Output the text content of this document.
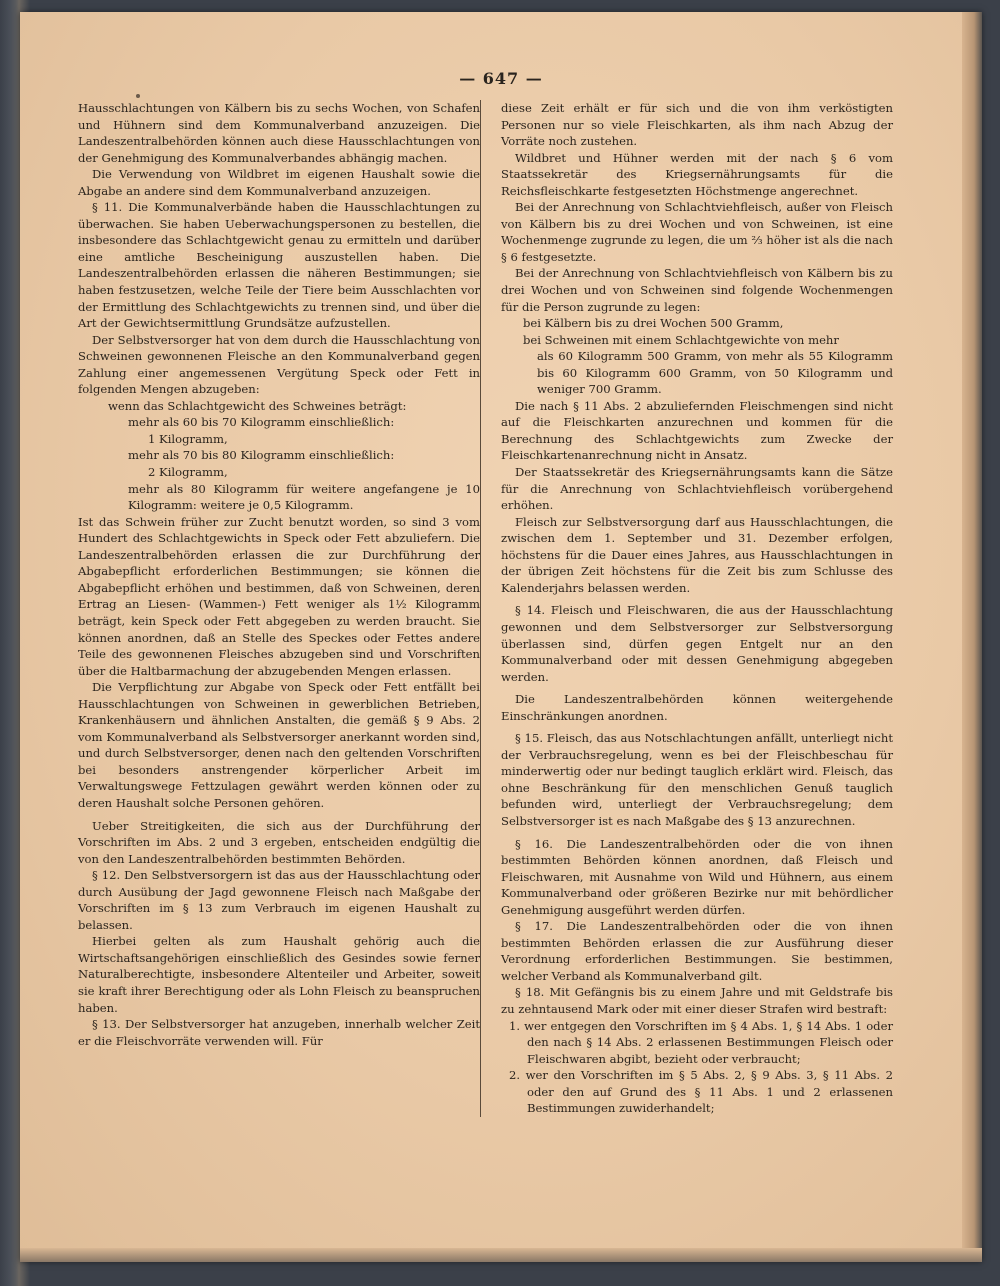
— 647 —

Hausschlachtungen von Kälbern bis zu sechs Wochen, von Schafen und Hühnern sind dem Kommunalverband anzuzeigen. Die Landeszentralbehörden können auch diese Hausschlachtungen von der Genehmigung des Kommunalverbandes abhängig machen.

Die Verwendung von Wildbret im eigenen Haushalt sowie die Abgabe an andere sind dem Kommunalverband anzuzeigen.

§ 11. Die Kommunalverbände haben die Hausschlachtungen zu überwachen. Sie haben Ueberwachungspersonen zu bestellen, die insbesondere das Schlachtgewicht genau zu ermitteln und darüber eine amtliche Bescheinigung auszustellen haben. Die Landeszentralbehörden erlassen die näheren Bestimmungen; sie haben festzusetzen, welche Teile der Tiere beim Ausschlachten vor der Ermittlung des Schlachtgewichts zu trennen sind, und über die Art der Gewichtsermittlung Grundsätze aufzustellen.

Der Selbstversorger hat von dem durch die Hausschlachtung von Schweinen gewonnenen Fleische an den Kommunalverband gegen Zahlung einer angemessenen Vergütung Speck oder Fett in folgenden Mengen abzugeben:

wenn das Schlachtgewicht des Schweines beträgt:

mehr als 60 bis 70 Kilogramm einschließlich:

1 Kilogramm,

mehr als 70 bis 80 Kilogramm einschließlich:

2 Kilogramm,

mehr als 80 Kilogramm für weitere angefangene je 10 Kilogramm: weitere je 0,5 Kilogramm.

Ist das Schwein früher zur Zucht benutzt worden, so sind 3 vom Hundert des Schlachtgewichts in Speck oder Fett abzuliefern. Die Landeszentralbehörden erlassen die zur Durchführung der Abgabepflicht erforderlichen Bestimmungen; sie können die Abgabepflicht erhöhen und bestimmen, daß von Schweinen, deren Ertrag an Liesen- (Wammen-) Fett weniger als 1½ Kilogramm beträgt, kein Speck oder Fett abgegeben zu werden braucht. Sie können anordnen, daß an Stelle des Speckes oder Fettes andere Teile des gewonnenen Fleisches abzugeben sind und Vorschriften über die Haltbarmachung der abzugebenden Mengen erlassen.

Die Verpflichtung zur Abgabe von Speck oder Fett entfällt bei Hausschlachtungen von Schweinen in gewerblichen Betrieben, Krankenhäusern und ähnlichen Anstalten, die gemäß § 9 Abs. 2 vom Kommunalverband als Selbstversorger anerkannt worden sind, und durch Selbstversorger, denen nach den geltenden Vorschriften bei besonders anstrengender körperlicher Arbeit im Verwaltungswege Fettzulagen gewährt werden können oder zu deren Haushalt solche Personen gehören.

Ueber Streitigkeiten, die sich aus der Durchführung der Vorschriften im Abs. 2 und 3 ergeben, entscheiden endgültig die von den Landeszentralbehörden bestimmten Behörden.

§ 12. Den Selbstversorgern ist das aus der Hausschlachtung oder durch Ausübung der Jagd gewonnene Fleisch nach Maßgabe der Vorschriften im § 13 zum Verbrauch im eigenen Haushalt zu belassen.

Hierbei gelten als zum Haushalt gehörig auch die Wirtschaftsangehörigen einschließlich des Gesindes sowie ferner Naturalberechtigte, insbesondere Altenteiler und Arbeiter, soweit sie kraft ihrer Berechtigung oder als Lohn Fleisch zu beanspruchen haben.

§ 13. Der Selbstversorger hat anzugeben, innerhalb welcher Zeit er die Fleischvorräte verwenden will. Für

diese Zeit erhält er für sich und die von ihm verköstigten Personen nur so viele Fleischkarten, als ihm nach Abzug der Vorräte noch zustehen.

Wildbret und Hühner werden mit der nach § 6 vom Staatssekretär des Kriegsernährungsamts für die Reichsfleischkarte festgesetzten Höchstmenge angerechnet.

Bei der Anrechnung von Schlachtviehfleisch, außer von Fleisch von Kälbern bis zu drei Wochen und von Schweinen, ist eine Wochenmenge zugrunde zu legen, die um ⅔ höher ist als die nach § 6 festgesetzte.

Bei der Anrechnung von Schlachtviehfleisch von Kälbern bis zu drei Wochen und von Schweinen sind folgende Wochenmengen für die Person zugrunde zu legen:

bei Kälbern bis zu drei Wochen 500 Gramm,

bei Schweinen mit einem Schlachtgewichte von mehr

als 60 Kilogramm 500 Gramm, von mehr als 55 Kilogramm bis 60 Kilogramm 600 Gramm, von 50 Kilogramm und weniger 700 Gramm.

Die nach § 11 Abs. 2 abzuliefernden Fleischmengen sind nicht auf die Fleischkarten anzurechnen und kommen für die Berechnung des Schlachtgewichts zum Zwecke der Fleischkartenanrechnung nicht in Ansatz.

Der Staatssekretär des Kriegsernährungsamts kann die Sätze für die Anrechnung von Schlachtviehfleisch vorübergehend erhöhen.

Fleisch zur Selbstversorgung darf aus Hausschlachtungen, die zwischen dem 1. September und 31. Dezember erfolgen, höchstens für die Dauer eines Jahres, aus Hausschlachtungen in der übrigen Zeit höchstens für die Zeit bis zum Schlusse des Kalenderjahrs belassen werden.

§ 14. Fleisch und Fleischwaren, die aus der Hausschlachtung gewonnen und dem Selbstversorger zur Selbstversorgung überlassen sind, dürfen gegen Entgelt nur an den Kommunalverband oder mit dessen Genehmigung abgegeben werden.

Die Landeszentralbehörden können weitergehende Einschränkungen anordnen.

§ 15. Fleisch, das aus Notschlachtungen anfällt, unterliegt nicht der Verbrauchsregelung, wenn es bei der Fleischbeschau für minderwertig oder nur bedingt tauglich erklärt wird. Fleisch, das ohne Beschränkung für den menschlichen Genuß tauglich befunden wird, unterliegt der Verbrauchsregelung; dem Selbstversorger ist es nach Maßgabe des § 13 anzurechnen.

§ 16. Die Landeszentralbehörden oder die von ihnen bestimmten Behörden können anordnen, daß Fleisch und Fleischwaren, mit Ausnahme von Wild und Hühnern, aus einem Kommunalverband oder größeren Bezirke nur mit behördlicher Genehmigung ausgeführt werden dürfen.

§ 17. Die Landeszentralbehörden oder die von ihnen bestimmten Behörden erlassen die zur Ausführung dieser Verordnung erforderlichen Bestimmungen. Sie bestimmen, welcher Verband als Kommunalverband gilt.

§ 18. Mit Gefängnis bis zu einem Jahre und mit Geldstrafe bis zu zehntausend Mark oder mit einer dieser Strafen wird bestraft:

1. wer entgegen den Vorschriften im § 4 Abs. 1, § 14 Abs. 1 oder den nach § 14 Abs. 2 erlassenen Bestimmungen Fleisch oder Fleischwaren abgibt, bezieht oder verbraucht;

2. wer den Vorschriften im § 5 Abs. 2, § 9 Abs. 3, § 11 Abs. 2 oder den auf Grund des § 11 Abs. 1 und 2 erlassenen Bestimmungen zuwiderhandelt;
